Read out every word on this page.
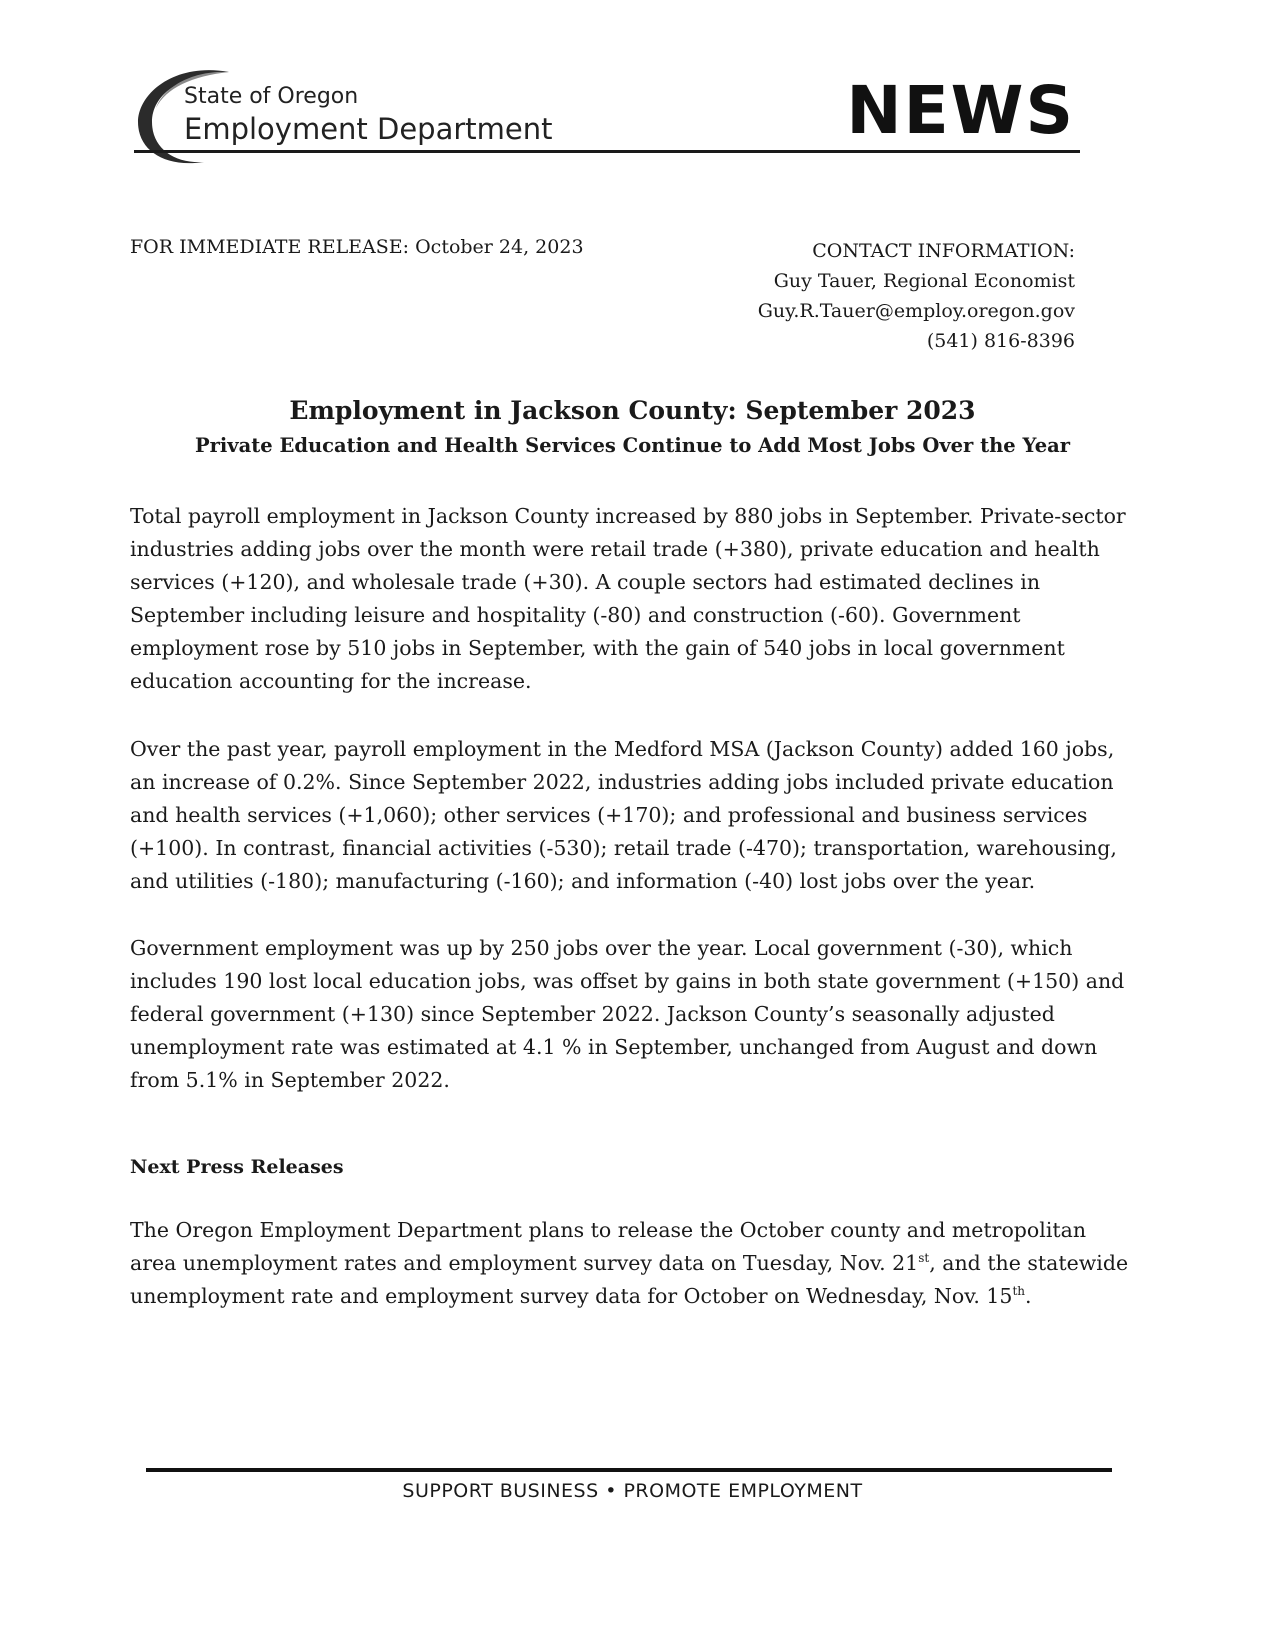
State of Oregon
Employment Department	NEWS
FOR IMMEDIATE RELEASE: October 24, 2023	CONTACT INFORMATION:
Guy Tauer, Regional Economist
Guy.R.Tauer@employ.oregon.gov
(541) 816-8396
Employment in Jackson County: September 2023
Private Education and Health Services Continue to Add Most Jobs Over the Year
Total payroll employment in Jackson County increased by 880 jobs in September. Private-sector industries adding jobs over the month were retail trade (+380), private education and health services (+120), and wholesale trade (+30). A couple sectors had estimated declines in September including leisure and hospitality (-80) and construction (-60). Government employment rose by 510 jobs in September, with the gain of 540 jobs in local government education accounting for the increase.
Over the past year, payroll employment in the Medford MSA (Jackson County) added 160 jobs, an increase of 0.2%. Since September 2022, industries adding jobs included private education and health services (+1,060); other services (+170); and professional and business services (+100). In contrast, financial activities (-530); retail trade (-470); transportation, warehousing, and utilities (-180); manufacturing (-160); and information (-40) lost jobs over the year.
Government employment was up by 250 jobs over the year. Local government (-30), which includes 190 lost local education jobs, was offset by gains in both state government (+150) and federal government (+130) since September 2022. Jackson County’s seasonally adjusted unemployment rate was estimated at 4.1 % in September, unchanged from August and down from 5.1% in September 2022.
Next Press Releases
The Oregon Employment Department plans to release the October county and metropolitan area unemployment rates and employment survey data on Tuesday, Nov. 21st, and the statewide unemployment rate and employment survey data for October on Wednesday, Nov. 15th.
SUPPORT BUSINESS • PROMOTE EMPLOYMENT
